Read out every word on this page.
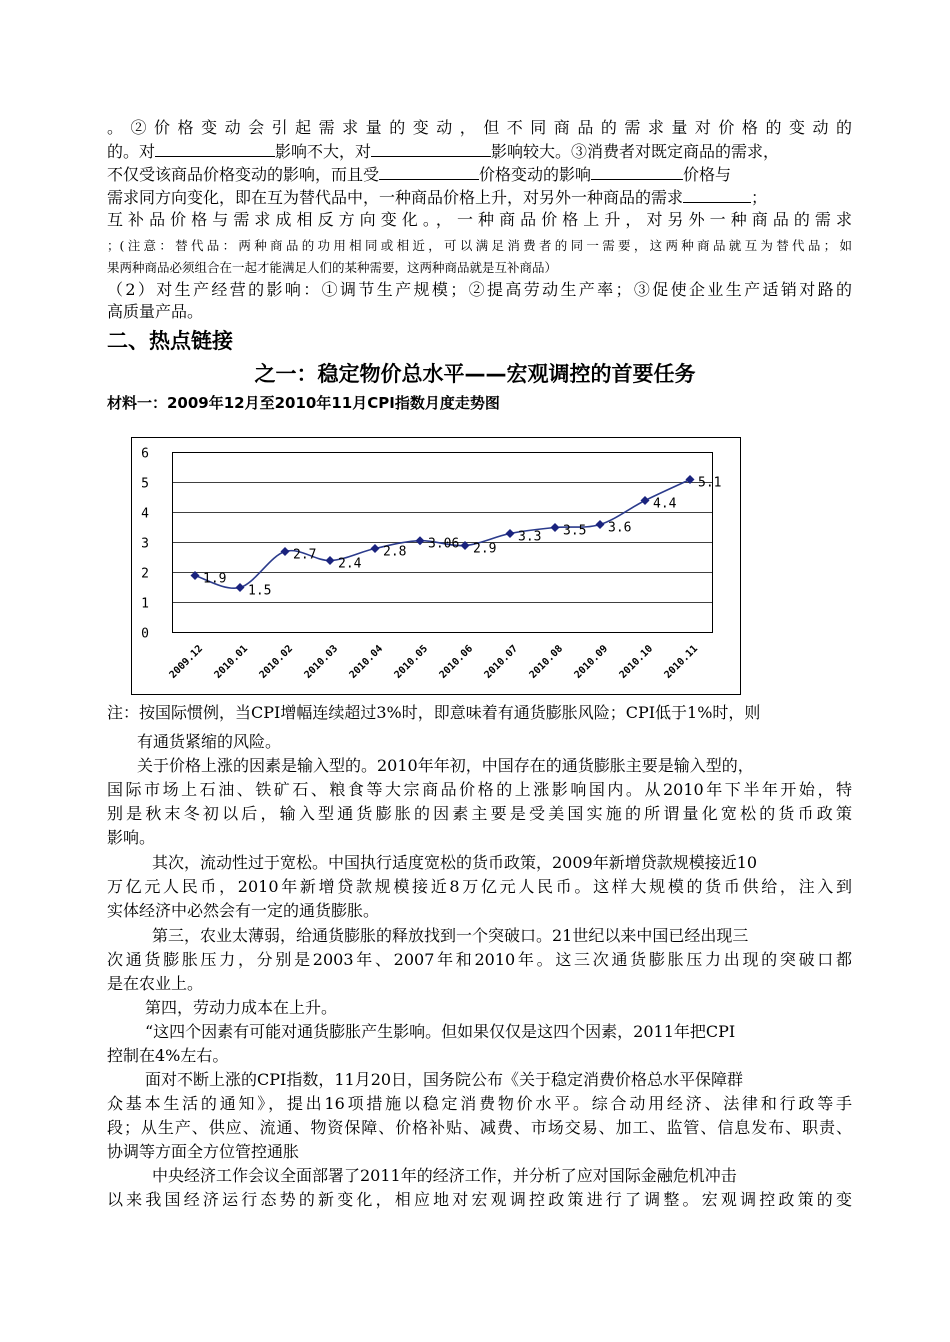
。②价格变动会引起需求量的变动，但不同商品的需求量对价格的变动的
的。对	影响不大，对	影响较大。③消费者对既定商品的需求，
不仅受该商品价格变动的影响，而且受	价格变动的影响	价格与
需求同方向变化，即在互为替代品中，一种商品价格上升，对另外一种商品的需求	；
互补品价格与需求成相反方向变化。，一种商品价格上升，对另外一种商品的需求
；(注意：替代品：两种商品的功用相同或相近，可以满足消费者的同一需要，这两种商品就互为替代品；如
果两种商品必须组合在一起才能满足人们的某种需要，这两种商品就是互补商品）
（2）对生产经营的影响：①调节生产规模；②提高劳动生产率；③促使企业生产适销对路的
高质量产品。
二、热点链接
之一：稳定物价总水平——宏观调控的首要任务
材料一：2009年12月至2010年11月CPI指数月度走势图
0
1
2
3
4
5
6
2009.12 2010.01 2010.02 2010.03 2010.04 2010.05 2010.06 2010.07 2010.08 2010.09 2010.10 2010.11
1.9
1.5
2.7
2.4
2.8
3.06 2.9
3.3 3.5 3.6
4.4
5.1
注：按国际惯例，当CPI增幅连续超过3%时，即意味着有通货膨胀风险；CPI低于1%时，则
有通货紧缩的风险。
关于价格上涨的因素是输入型的。2010年年初，中国存在的通货膨胀主要是输入型的，
国际市场上石油、铁矿石、粮食等大宗商品价格的上涨影响国内。从2010年下半年开始，特
别是秋末冬初以后，输入型通货膨胀的因素主要是受美国实施的所谓量化宽松的货币政策
影响。
其次，流动性过于宽松。中国执行适度宽松的货币政策，2009年新增贷款规模接近10
万亿元人民币，2010年新增贷款规模接近8万亿元人民币。这样大规模的货币供给，注入到
实体经济中必然会有一定的通货膨胀。
第三，农业太薄弱，给通货膨胀的释放找到一个突破口。21世纪以来中国已经出现三
次通货膨胀压力，分别是2003年、2007年和2010年。这三次通货膨胀压力出现的突破口都
是在农业上。
第四，劳动力成本在上升。
“这四个因素有可能对通货膨胀产生影响。但如果仅仅是这四个因素，2011年把CPI
控制在4%左右。
面对不断上涨的CPI指数，11月20日，国务院公布《关于稳定消费价格总水平保障群
众基本生活的通知》，提出16项措施以稳定消费物价水平。综合动用经济、法律和行政等手
段；从生产、供应、流通、物资保障、价格补贴、减费、市场交易、加工、监管、信息发布、职责、
协调等方面全方位管控通胀
中央经济工作会议全面部署了2011年的经济工作，并分析了应对国际金融危机冲击
以来我国经济运行态势的新变化，相应地对宏观调控政策进行了调整。宏观调控政策的变
